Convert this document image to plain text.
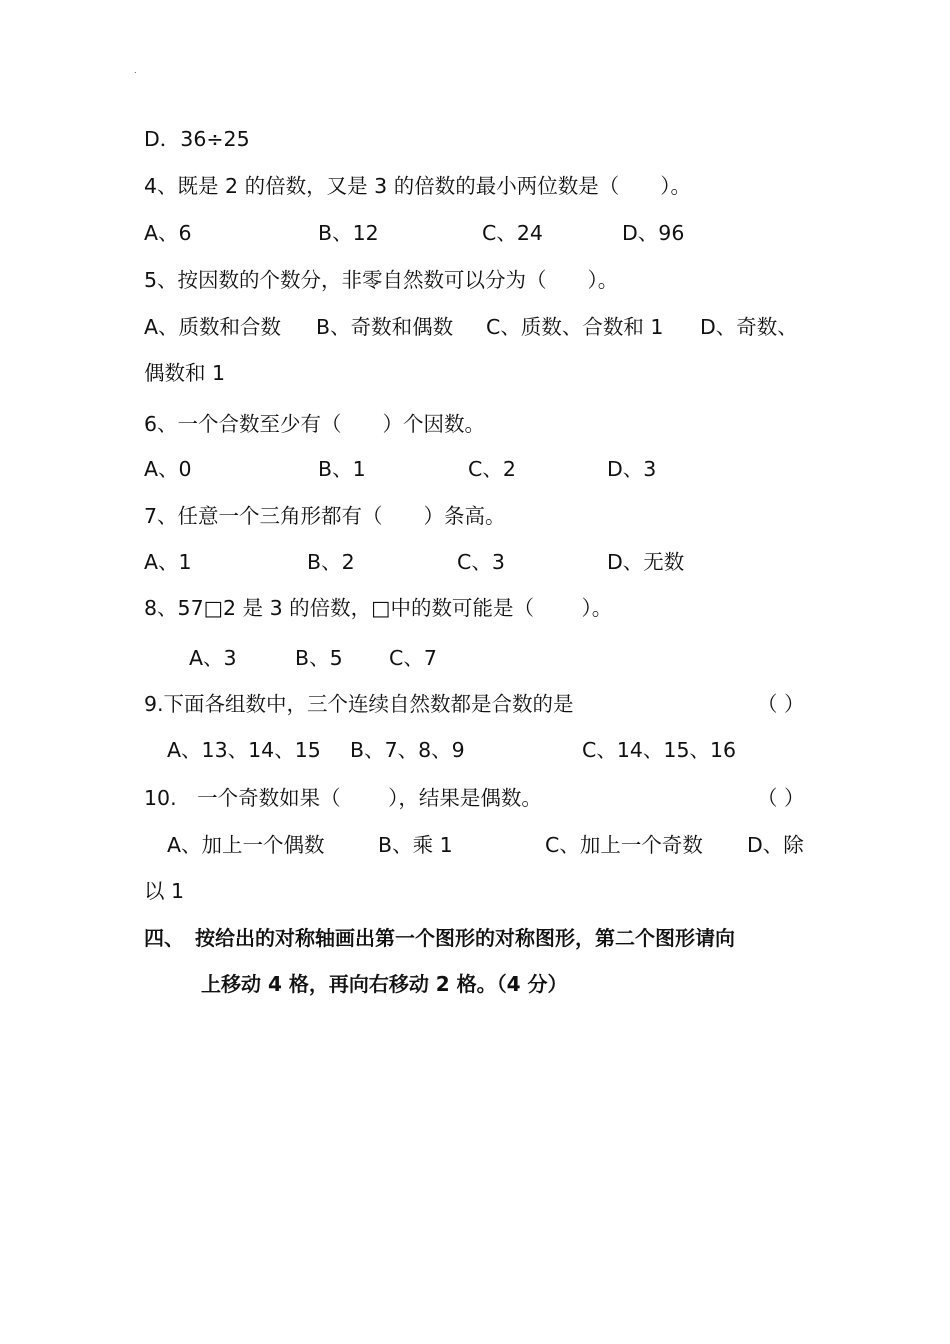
.
D．36÷25
4、既是 2 的倍数，又是 3 的倍数的最小两位数是（　　）。
A、6	B、12	C、24	D、96
5、按因数的个数分，非零自然数可以分为（　　）。
A、质数和合数 B、奇数和偶数 C、质数、合数和 1 D、奇数、
偶数和 1
6、一个合数至少有（　　）个因数。
A、0	B、1	C、2	D、3
7、任意一个三角形都有（　　）条高。
A、1	B、2	C、3	D、无数
8、57□2 是 3 的倍数，□中的数可能是（　　 ）。
A、3	B、5 C、7
9.下面各组数中，三个连续自然数都是合数的是	（ ）
A、13、14、15 B、7、8、9	C、14、15、16
10.　一个奇数如果（　　 ），结果是偶数。	（ ）
A、加上一个偶数	B、乘 1	C、加上一个奇数 D、除
以 1
四、 按给出的对称轴画出第一个图形的对称图形，第二个图形请向
上移动 4 格，再向右移动 2 格。（4 分）
